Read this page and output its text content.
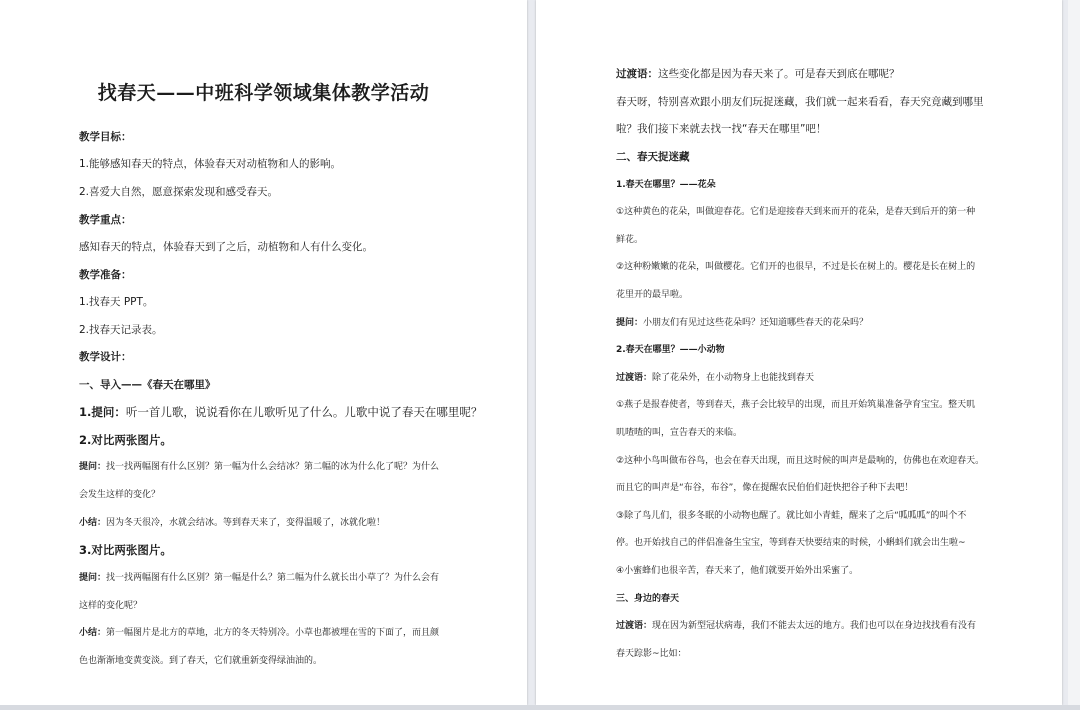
找春天——中班科学领域集体教学活动
教学目标：
1.能够感知春天的特点，体验春天对动植物和人的影响。
2.喜爱大自然，愿意探索发现和感受春天。
教学重点：
感知春天的特点，体验春天到了之后，动植物和人有什么变化。
教学准备：
1.找春天 PPT。
2.找春天记录表。
教学设计：
一、导入——《春天在哪里》
1.提问：听一首儿歌，说说看你在儿歌听见了什么。儿歌中说了春天在哪里呢？
2.对比两张图片。
提问：找一找两幅图有什么区别？第一幅为什么会结冰？第二幅的冰为什么化了呢？为什么
会发生这样的变化？
小结：因为冬天很冷，水就会结冰。等到春天来了，变得温暖了，冰就化啦！
3.对比两张图片。
提问：找一找两幅图有什么区别？第一幅是什么？第二幅为什么就长出小草了？为什么会有
这样的变化呢？
小结：第一幅图片是北方的草地，北方的冬天特别冷。小草也都被埋在雪的下面了，而且颜
色也渐渐地变黄变淡。到了春天，它们就重新变得绿油油的。
过渡语：这些变化都是因为春天来了。可是春天到底在哪呢？
春天呀，特别喜欢跟小朋友们玩捉迷藏，我们就一起来看看，春天究竟藏到哪里
啦？我们接下来就去找一找“春天在哪里”吧！
二、春天捉迷藏
1.春天在哪里？——花朵
①这种黄色的花朵，叫做迎春花。它们是迎接春天到来而开的花朵，是春天到后开的第一种
鲜花。
②这种粉嫩嫩的花朵，叫做樱花。它们开的也很早，不过是长在树上的。樱花是长在树上的
花里开的最早啦。
提问：小朋友们有见过这些花朵吗？还知道哪些春天的花朵吗？
2.春天在哪里？——小动物
过渡语：除了花朵外，在小动物身上也能找到春天
①燕子是报春使者，等到春天，燕子会比较早的出现，而且开始筑巢准备孕育宝宝。整天叽
叽喳喳的叫，宣告春天的来临。
②这种小鸟叫做布谷鸟，也会在春天出现，而且这时候的叫声是最响的，仿佛也在欢迎春天。
而且它的叫声是“布谷，布谷”，像在提醒农民伯伯们赶快把谷子种下去吧！
③除了鸟儿们，很多冬眠的小动物也醒了。就比如小青蛙，醒来了之后“呱呱呱”的叫个不
停。也开始找自己的伴侣准备生宝宝，等到春天快要结束的时候，小蝌蚪们就会出生啦~
④小蜜蜂们也很辛苦，春天来了，他们就要开始外出采蜜了。
三、身边的春天
过渡语：现在因为新型冠状病毒，我们不能去太远的地方。我们也可以在身边找找看有没有
春天踪影~比如：
